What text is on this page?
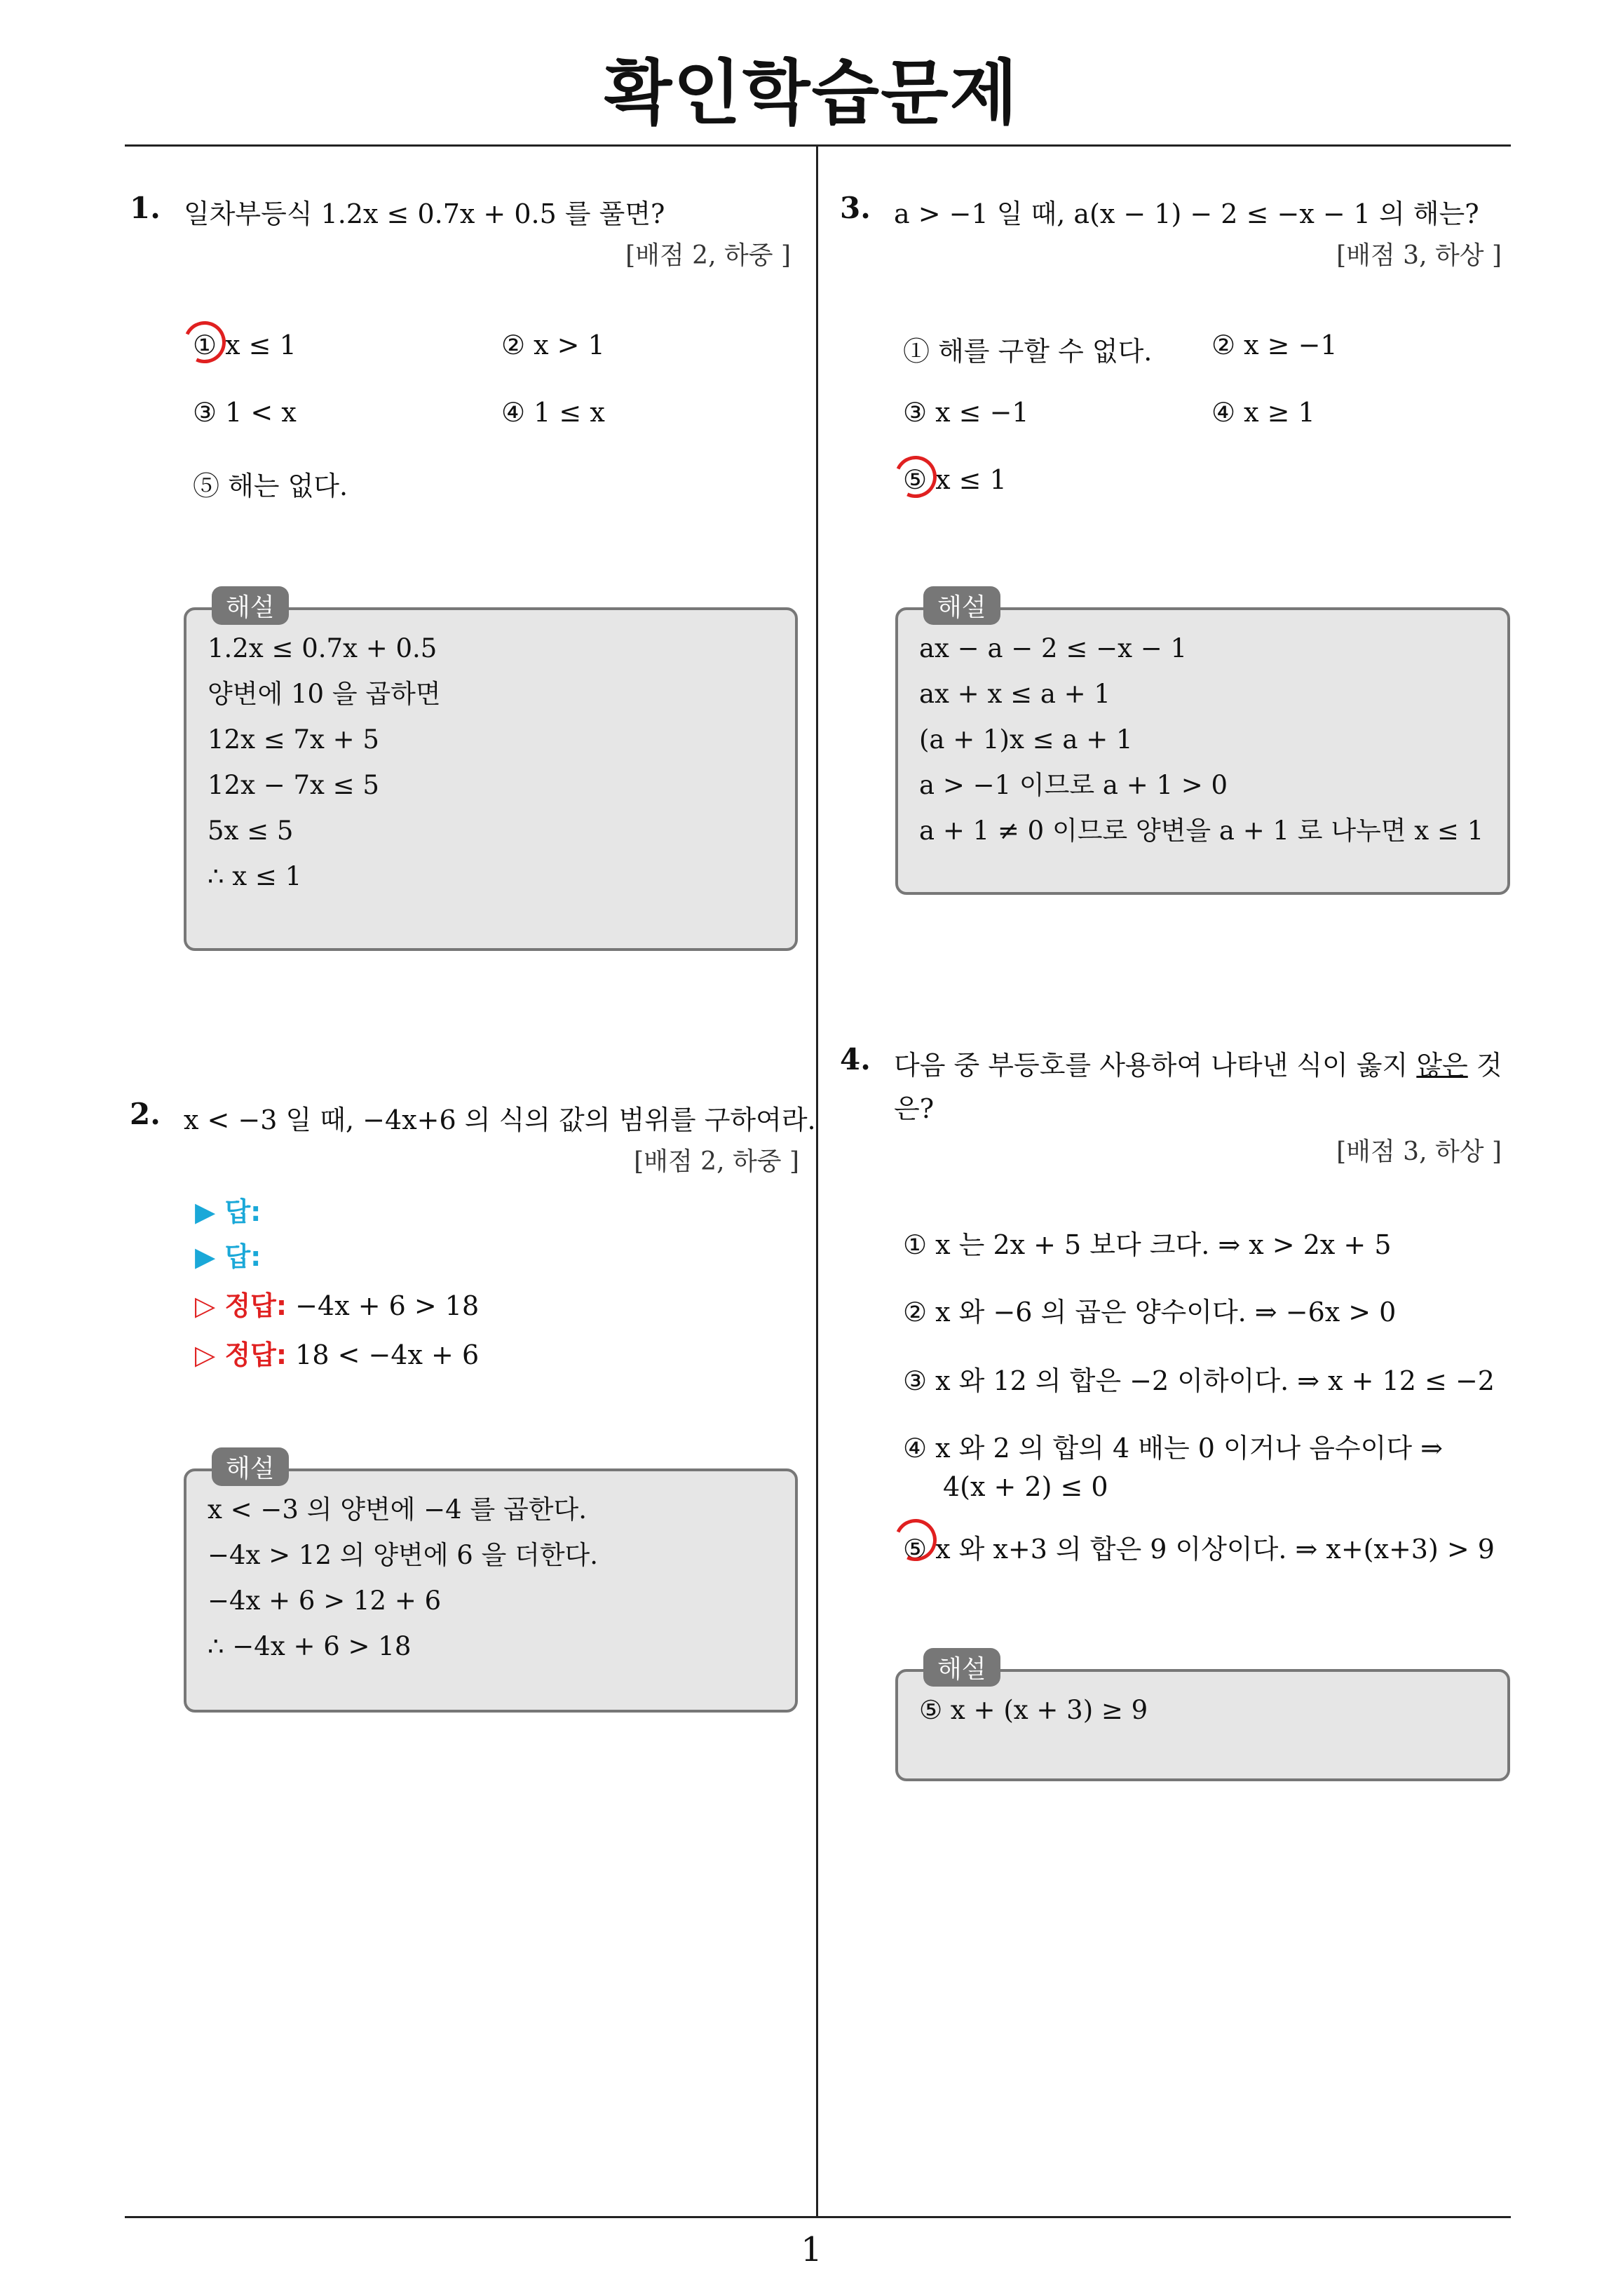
확인학습문제
1
1. 일차부등식 1.2x ≤ 0.7x + 0.5 를 풀면?
[배점 2, 하중 ]
① x ≤ 1	② x > 1
③ 1 < x	④ 1 ≤ x
⑤ 해는 없다.
해설
1.2x ≤ 0.7x + 0.5
양변에 10 을 곱하면
12x ≤ 7x + 5
12x − 7x ≤ 5
5x ≤ 5
∴ x ≤ 1
2. x < −3 일 때, −4x+6 의 식의 값의 범위를 구하여라.
[배점 2, 하중 ]
▶ 답:
▶ 답:
▷ 정답: −4x + 6 > 18
▷ 정답: 18 < −4x + 6
해설
x < −3 의 양변에 −4 를 곱한다.
−4x > 12 의 양변에 6 을 더한다.
−4x + 6 > 12 + 6
∴ −4x + 6 > 18
3. a > −1 일 때, a(x − 1) − 2 ≤ −x − 1 의 해는?
[배점 3, 하상 ]
① 해를 구할 수 없다. ② x ≥ −1
③ x ≤ −1	④ x ≥ 1
⑤ x ≤ 1
해설
ax − a − 2 ≤ −x − 1
ax + x ≤ a + 1
(a + 1)x ≤ a + 1
a > −1 이므로 a + 1 > 0
a + 1 ≠ 0 이므로 양변을 a + 1 로 나누면 x ≤ 1
4. 다음 중 부등호를 사용하여 나타낸 식이 옳지 않은 것
은?
[배점 3, 하상 ]
① x 는 2x + 5 보다 크다. ⇒ x > 2x + 5
② x 와 −6 의 곱은 양수이다. ⇒ −6x > 0
③ x 와 12 의 합은 −2 이하이다. ⇒ x + 12 ≤ −2
④ x 와 2 의 합의 4 배는 0 이거나 음수이다 ⇒
4(x + 2) ≤ 0
⑤ x 와 x+3 의 합은 9 이상이다. ⇒ x+(x+3) > 9
해설
⑤ x + (x + 3) ≥ 9
